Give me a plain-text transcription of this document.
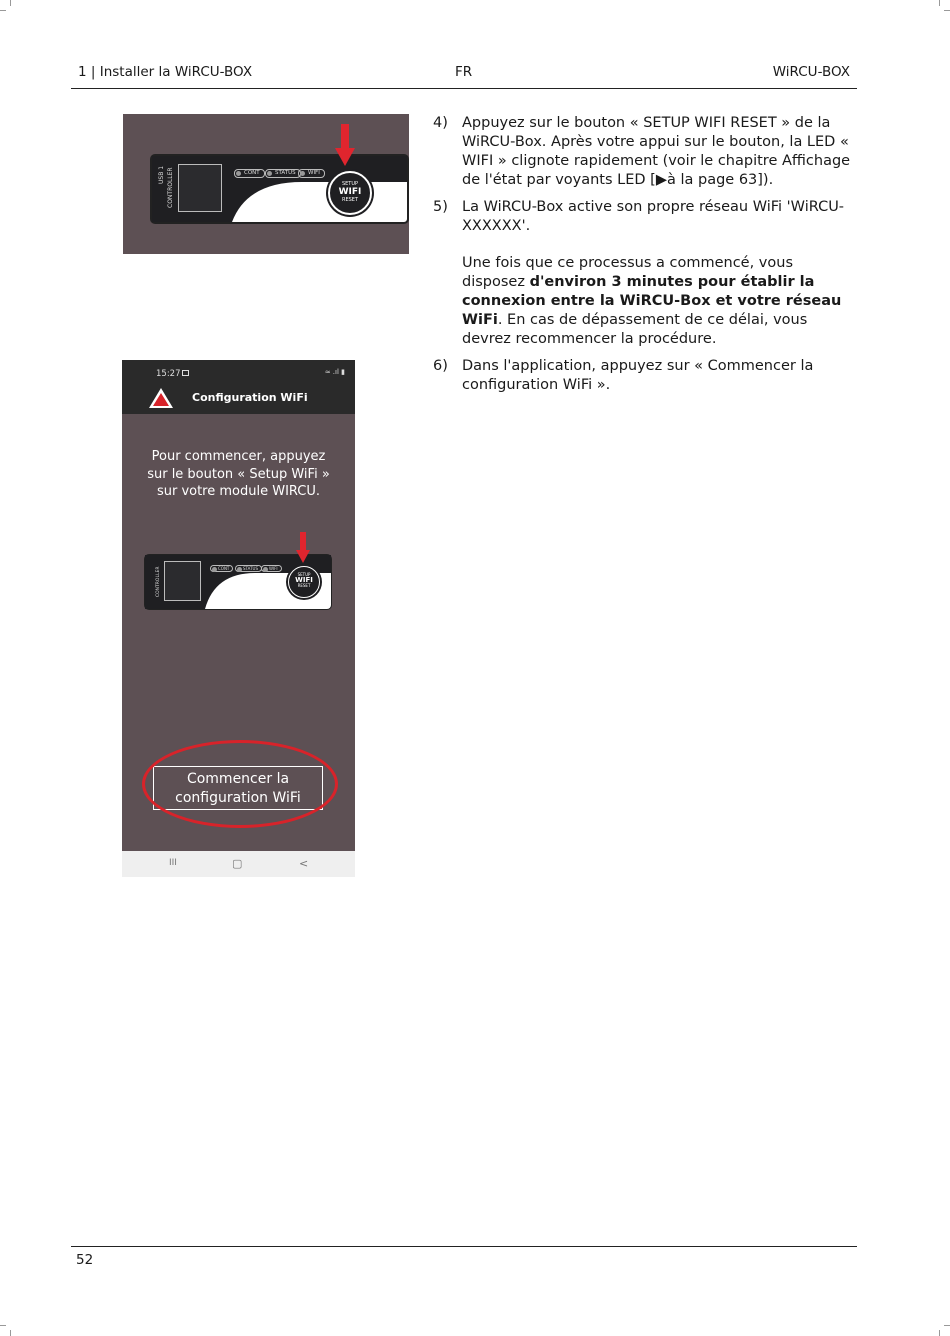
1 | Installer la WiRCU-BOX	FR	WiRCU-BOX
CONTROLLER
USB 1	CONT	STATUS	WIFI
SETUP
WIFI
RESET
15:27	≈ .ıl ▮
Configuration WiFi
Pour commencer, appuyez sur le bouton « Setup WiFi » sur votre module WIRCU.
CONTROLLER	CONT	STATUS	WIFI
SETUP
WIFI
RESET
Commencer la configuration WiFi
III	▢	<
4) Appuyez sur le bouton « SETUP WIFI RESET » de la WiRCU-Box. Après votre appui sur le bouton, la LED « WIFI » clignote rapidement (voir le chapitre Affichage de l'état par voyants LED [▶à la page 63]).
5) La WiRCU-Box active son propre réseau WiFi 'WiRCU-XXXXXX'.

Une fois que ce processus a commencé, vous disposez d'environ 3 minutes pour établir la connexion entre la WiRCU-Box et votre réseau WiFi. En cas de dépassement de ce délai, vous devrez recommencer la procédure.

6) Dans l'application, appuyez sur « Commencer la configuration WiFi ».
52
